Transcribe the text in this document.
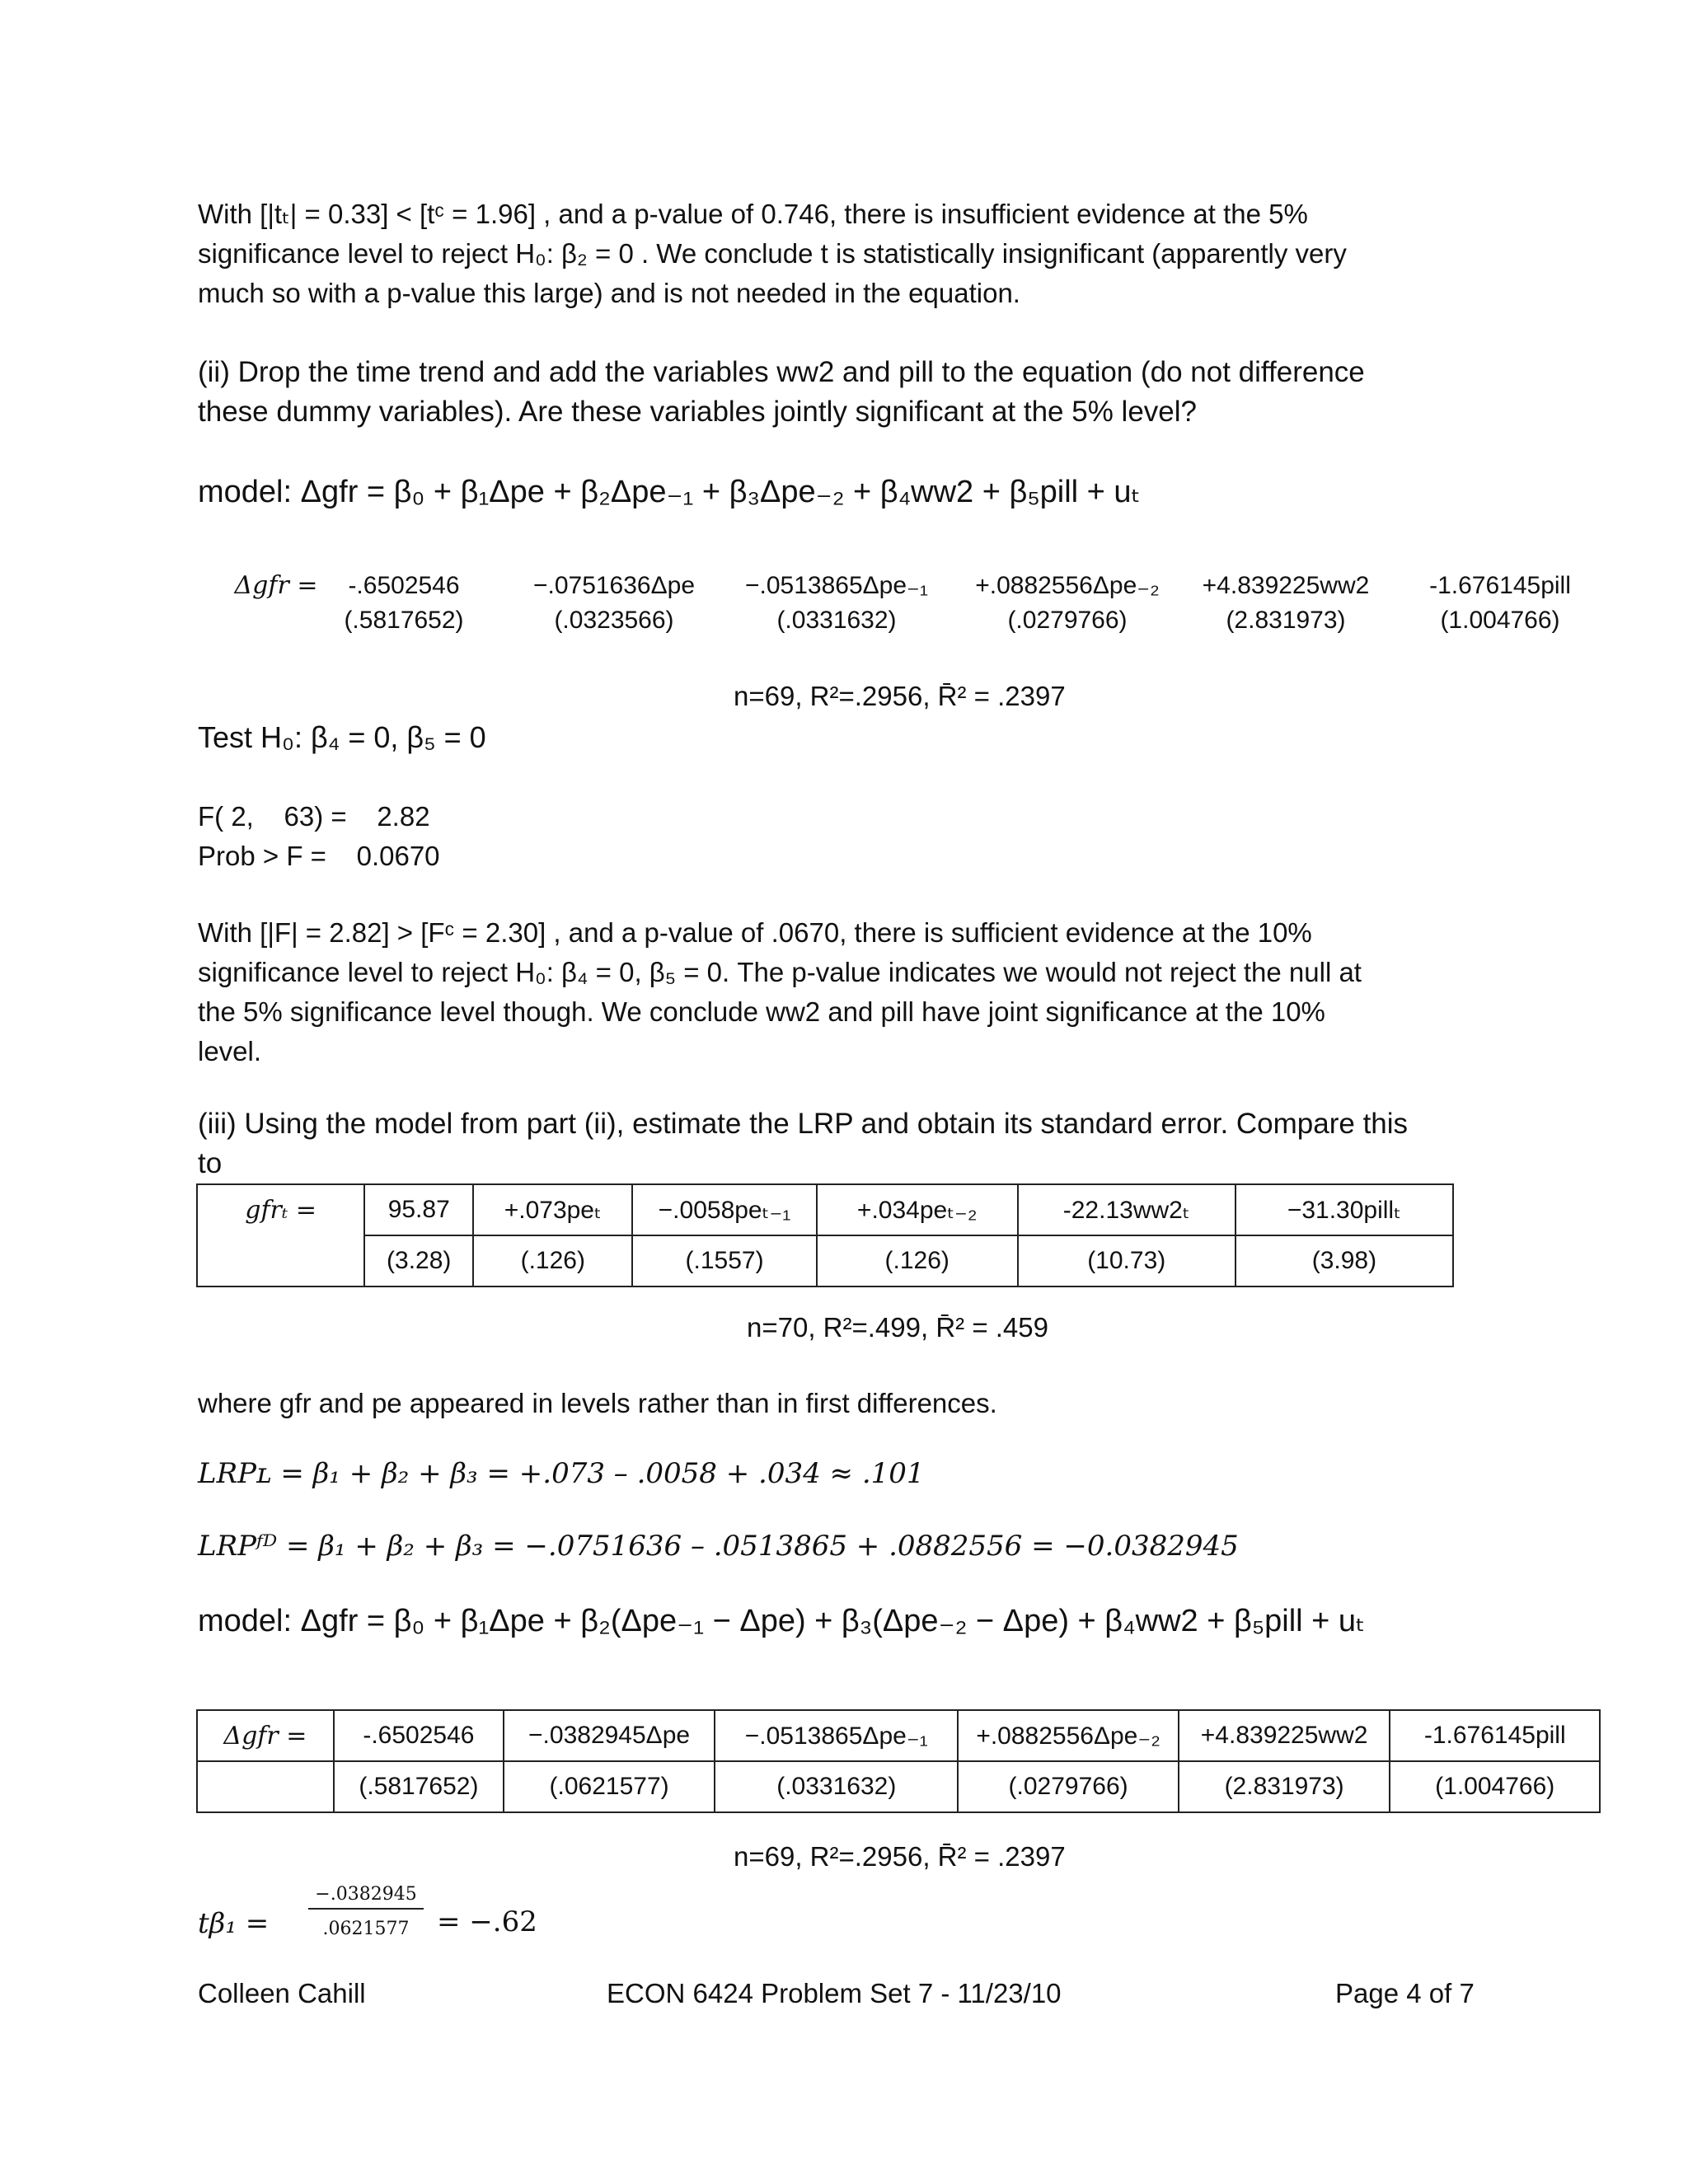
With [|tₜ| = 0.33] < [tᶜ = 1.96] , and a p-value of 0.746, there is insufficient evidence at the 5%

significance level to reject H₀: β₂ = 0 . We conclude t is statistically insignificant (apparently very

much so with a p-value this large) and is not needed in the equation.

(ii) Drop the time trend and add the variables ww2 and pill to the equation (do not difference

these dummy variables). Are these variables jointly significant at the 5% level?

model: Δgfr = β₀ + β₁Δpe + β₂Δpe₋₁ + β₃Δpe₋₂ + β₄ww2 + β₅pill + uₜ
Δgfr =	-.6502546	−.0751636Δpe	−.0513865Δpe₋₁	+.0882556Δpe₋₂	+4.839225ww2	-1.676145pill
(.5817652)	(.0323566)	(.0331632)	(.0279766)	(2.831973)	(1.004766)
n=69, R²=.2956, R̄² = .2397
Test H₀: β₄ = 0, β₅ = 0
F( 2,    63) =    2.82
Prob > F =    0.0670

With [|F| = 2.82] > [Fᶜ = 2.30] , and a p-value of .0670, there is sufficient evidence at the 10%

significance level to reject H₀: β₄ = 0, β₅ = 0. The p-value indicates we would not reject the null at

the 5% significance level though. We conclude ww2 and pill have joint significance at the 10%

level.

(iii) Using the model from part (ii), estimate the LRP and obtain its standard error. Compare this

to

gfrₜ =	95.87	+.073peₜ	−.0058peₜ₋₁	+.034peₜ₋₂	-22.13ww2ₜ	−31.30pillₜ
	(3.28)	(.126)	(.1557)	(.126)	(10.73)	(3.98)
n=70, R²=.499, R̄² = .459
where gfr and pe appeared in levels rather than in first differences.
LRPʟ = β₁ + β₂ + β₃ = +.073 – .0058 + .034 ≈ .101
LRPᶠᴰ = β₁ + β₂ + β₃ = −.0751636 – .0513865 + .0882556 = −0.0382945
model: Δgfr = β₀ + β₁Δpe + β₂(Δpe₋₁ − Δpe) + β₃(Δpe₋₂ − Δpe) + β₄ww2 + β₅pill + uₜ
Δgfr =	-.6502546	−.0382945Δpe	−.0513865Δpe₋₁	+.0882556Δpe₋₂	+4.839225ww2	-1.676145pill
	(.5817652)	(.0621577)	(.0331632)	(.0279766)	(2.831973)	(1.004766)
n=69, R²=.2956, R̄² = .2397
tβ₁ =
−.0382945
.0621577 = −.62
Colleen Cahill	ECON 6424 Problem Set 7 - 11/23/10	Page 4 of 7
